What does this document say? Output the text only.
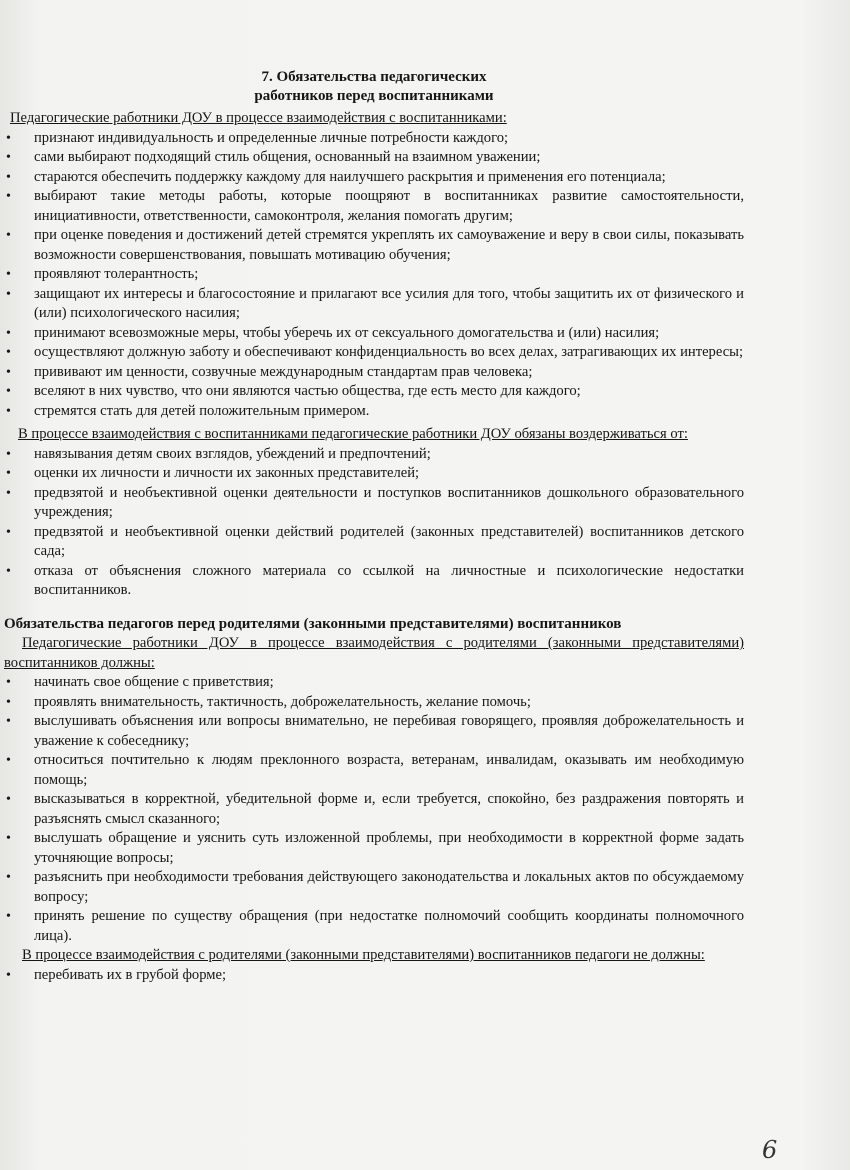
7. Обязательства педагогических
работников перед воспитанниками

Педагогические работники ДОУ в процессе взаимодействия с воспитанниками:

• признают индивидуальность и определенные личные потребности каждого;
• сами выбирают подходящий стиль общения, основанный на взаимном уважении;
• стараются обеспечить поддержку каждому для наилучшего раскрытия и применения его потенциала;
• выбирают такие методы работы, которые поощряют в воспитанниках развитие самостоятельности, инициативности, ответственности, самоконтроля, желания помогать другим;
• при оценке поведения и достижений детей стремятся укреплять их самоуважение и веру в свои силы, показывать возможности совершенствования, повышать мотивацию обучения;
• проявляют толерантность;
• защищают их интересы и благосостояние и прилагают все усилия для того, чтобы защитить их от физического и (или) психологического насилия;
• принимают всевозможные меры, чтобы уберечь их от сексуального домогательства и (или) насилия;
• осуществляют должную заботу и обеспечивают конфиденциальность во всех делах, затрагивающих их интересы;
• прививают им ценности, созвучные международным стандартам прав человека;
• вселяют в них чувство, что они являются частью общества, где есть место для каждого;
• стремятся стать для детей положительным примером.

В процессе взаимодействия с воспитанниками педагогические работники ДОУ обязаны воздерживаться от:

• навязывания детям своих взглядов, убеждений и предпочтений;
• оценки их личности и личности их законных представителей;
• предвзятой и необъективной оценки деятельности и поступков воспитанников дошкольного образовательного учреждения;
• предвзятой и необъективной оценки действий родителей (законных представителей) воспитанников детского сада;
• отказа от объяснения сложного материала со ссылкой на личностные и психологические недостатки воспитанников.
Обязательства педагогов перед родителями (законными представителями) воспитанников

Педагогические работники ДОУ в процессе взаимодействия с родителями (законными представителями) воспитанников должны:

• начинать свое общение с приветствия;
• проявлять внимательность, тактичность, доброжелательность, желание помочь;
• выслушивать объяснения или вопросы внимательно, не перебивая говорящего, проявляя доброжелательность и уважение к собеседнику;
• относиться почтительно к людям преклонного возраста, ветеранам, инвалидам, оказывать им необходимую помощь;
• высказываться в корректной, убедительной форме и, если требуется, спокойно, без раздражения повторять и разъяснять смысл сказанного;
• выслушать обращение и уяснить суть изложенной проблемы, при необходимости в корректной форме задать уточняющие вопросы;
• разъяснить при необходимости требования действующего законодательства и локальных актов по обсуждаемому вопросу;
• принять решение по существу обращения (при недостатке полномочий сообщить координаты полномочного лица).

В процессе взаимодействия с родителями (законными представителями) воспитанников педагоги не должны:

• перебивать их в грубой форме;
6
